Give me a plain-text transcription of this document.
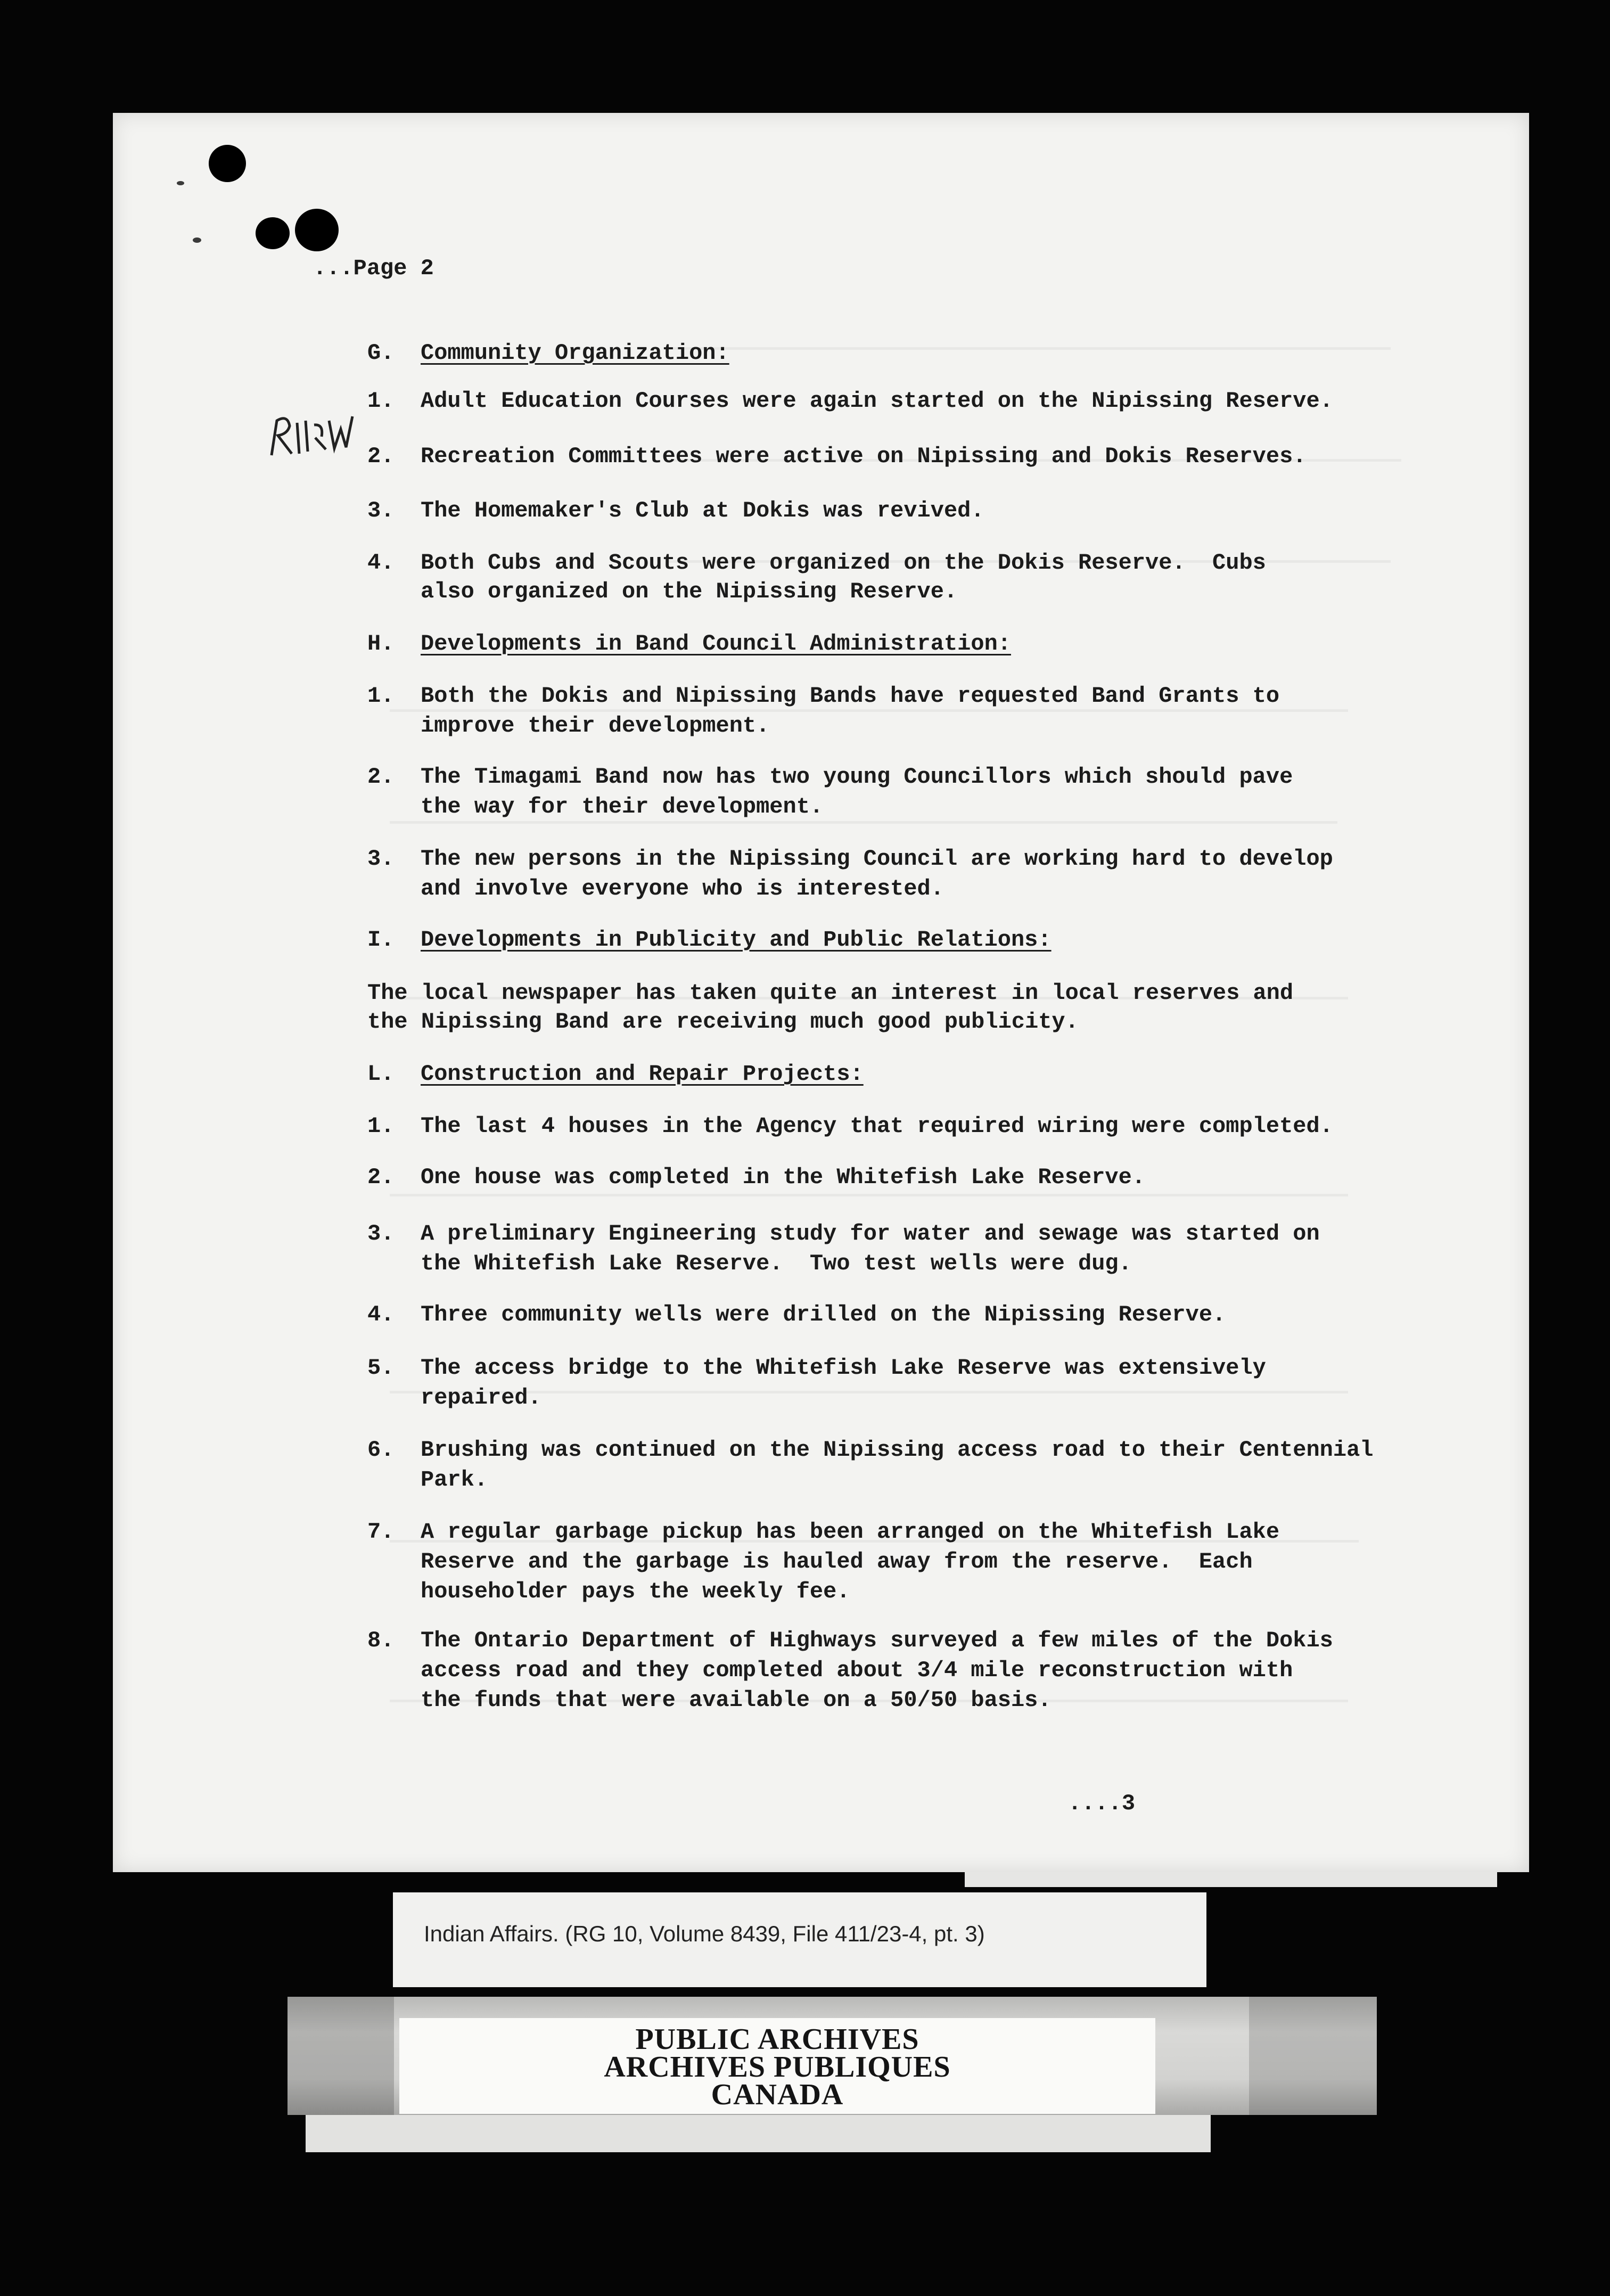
...Page 2
G. Community Organization:
1. Adult Education Courses were again started on the Nipissing Reserve.
2. Recreation Committees were active on Nipissing and Dokis Reserves.
3. The Homemaker's Club at Dokis was revived.
4. Both Cubs and Scouts were organized on the Dokis Reserve.  Cubs
also organized on the Nipissing Reserve.
H. Developments in Band Council Administration:
1. Both the Dokis and Nipissing Bands have requested Band Grants to
improve their development.
2. The Timagami Band now has two young Councillors which should pave
the way for their development.
3. The new persons in the Nipissing Council are working hard to develop
and involve everyone who is interested.
I. Developments in Publicity and Public Relations:
The local newspaper has taken quite an interest in local reserves and
the Nipissing Band are receiving much good publicity.
L. Construction and Repair Projects:
1. The last 4 houses in the Agency that required wiring were completed.
2. One house was completed in the Whitefish Lake Reserve.
3. A preliminary Engineering study for water and sewage was started on
the Whitefish Lake Reserve.  Two test wells were dug.
4. Three community wells were drilled on the Nipissing Reserve.
5. The access bridge to the Whitefish Lake Reserve was extensively
repaired.
6. Brushing was continued on the Nipissing access road to their Centennial
Park.
7. A regular garbage pickup has been arranged on the Whitefish Lake
Reserve and the garbage is hauled away from the reserve.  Each
householder pays the weekly fee.
8. The Ontario Department of Highways surveyed a few miles of the Dokis
access road and they completed about 3/4 mile reconstruction with
the funds that were available on a 50/50 basis.
....3
Indian Affairs. (RG 10, Volume 8439, File 411/23-4, pt. 3)
PUBLIC ARCHIVES
ARCHIVES PUBLIQUES
CANADA
